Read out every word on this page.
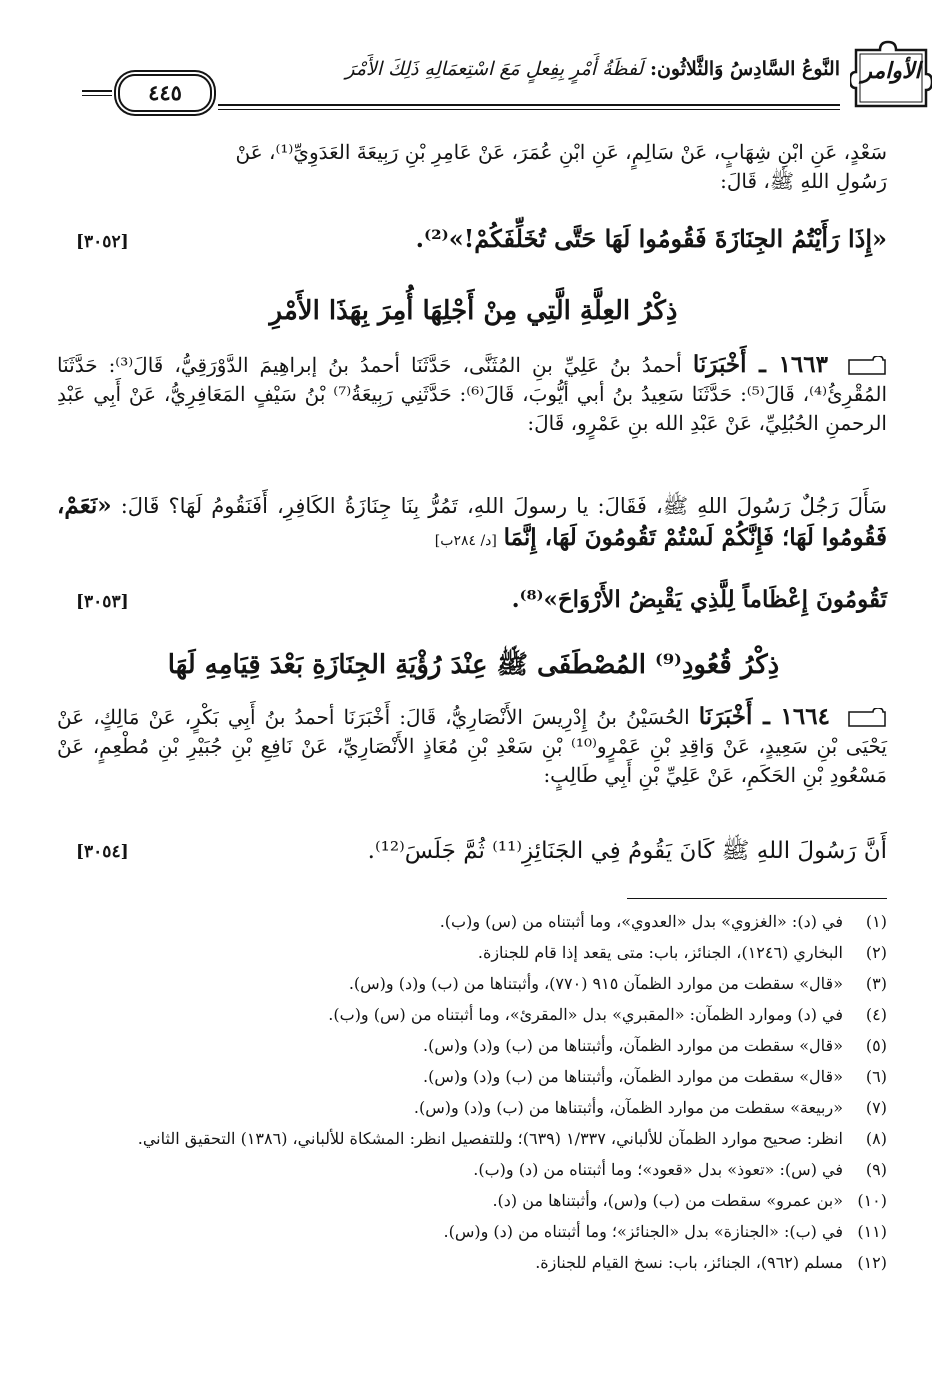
ﺍﻷﻭﺍﻣﺮ
النَّوعُ السَّادِسُ وَالثَّلاثُون: لَفظَةُ أَمْرٍ بِفِعلٍ مَعَ اسْتِعمَالِهِ ذَلِكَ الأَمْرَ
٤٤٥
سَعْدٍ، عَنِ ابْنِ شِهَابٍ، عَنْ سَالِمٍ، عَنِ ابْنِ عُمَرَ، عَنْ عَامِرِ بْنِ رَبِيعَةَ العَدَوِيِّ⁽¹⁾، عَنْ
رَسُولِ اللهِ ﷺ، قَالَ:
«إِذَا رَأَيْتُمُ الجِنَازَةَ فَقُومُوا لَهَا حَتَّى تُخَلِّفَكُمْ!»⁽²⁾.
[٣٠٥٢]
ذِكْرُ العِلَّةِ الَّتِي مِنْ أَجْلِهَا أُمِرَ بِهَذَا الأَمْرِ
١٦٦٣ ـ أَخْبَرَنَا أحمدُ بنُ عَلِيِّ بنِ المُثَنَّى، حَدَّثَنَا أحمدُ بنُ إبراهِيمَ الدَّوْرَقِيُّ، قَالَ⁽³⁾: حَدَّثَنَا المُقْرِئُ⁽⁴⁾، قَالَ⁽⁵⁾: حَدَّثَنَا سَعِيدُ بنُ أبي أيُّوبَ، قَالَ⁽⁶⁾: حَدَّثَنِي رَبِيعَةُ⁽⁷⁾ بْنُ سَيْفٍ المَعَافِرِيُّ، عَنْ أَبِي عَبْدِ الرحمنِ الحُبُلِيِّ، عَنْ عَبْدِ الله بنِ عَمْرٍو، قَالَ:
سَأَلَ رَجُلٌ رَسُولَ اللهِ ﷺ، فَقَالَ: يا رسولَ اللهِ، تَمُرُّ بِنَا جِنَازَةُ الكَافِرِ، أَفَنَقُومُ لَهَا؟ قَالَ: «نَعَمْ، فَقُومُوا لَهَا؛ فَإِنَّكُمْ لَسْتُمْ تَقُومُونَ لَهَا، إِنَّمَا [د/ ٢٨٤ب]
تَقُومُونَ إِعْظَاماً لِلَّذِي يَقْبِضُ الأَرْوَاحَ»⁽⁸⁾.
[٣٠٥٣]
ذِكْرُ قُعُودِ⁽⁹⁾ المُصْطَفَى ﷺ عِنْدَ رُؤْيَةِ الجِنَازَةِ بَعْدَ قِيَامِهِ لَهَا
١٦٦٤ ـ أَخْبَرَنَا الحُسَيْنُ بنُ إِدْرِيسَ الأَنْصَارِيُّ، قَالَ: أَخْبَرَنَا أحمدُ بنُ أَبِي بَكْرٍ، عَنْ مَالِكٍ، عَنْ يَحْيَى بْنِ سَعِيدٍ، عَنْ وَاقِدِ بْنِ عَمْرٍو⁽¹⁰⁾ بْنِ سَعْدِ بْنِ مُعَاذٍ الأَنْصَارِيِّ، عَنْ نَافِعِ بْنِ جُبَيْرِ بْنِ مُطْعِمٍ، عَنْ مَسْعُودِ بْنِ الحَكَمِ، عَنْ عَلِيِّ بْنِ أَبِي طَالِبٍ:
أَنَّ رَسُولَ اللهِ ﷺ كَانَ يَقُومُ فِي الجَنَائِزِ⁽¹¹⁾ ثُمَّ جَلَسَ⁽¹²⁾.
[٣٠٥٤]
(١)
في (د): «الغزوي» بدل «العدوي»، وما أثبتناه من (س) و(ب).
(٢)
البخاري (١٢٤٦)، الجنائز، باب: متى يقعد إذا قام للجنازة.
(٣)
«قال» سقطت من موارد الظمآن ٩١٥ (٧٧٠)، وأثبتناها من (ب) و(د) و(س).
(٤)
في (د) وموارد الظمآن: «المقبري» بدل «المقرئ»، وما أثبتناه من (س) و(ب).
(٥)
«قال» سقطت من موارد الظمآن، وأثبتناها من (ب) و(د) و(س).
(٦)
«قال» سقطت من موارد الظمآن، وأثبتناها من (ب) و(د) و(س).
(٧)
«ربيعة» سقطت من موارد الظمآن، وأثبتناها من (ب) و(د) و(س).
(٨)
انظر: صحيح موارد الظمآن للألباني، ١/٣٣٧ (٦٣٩)؛ وللتفصيل انظر: المشكاة للألباني، (١٣٨٦) التحقيق الثاني.
(٩)
في (س): «تعوذ» بدل «قعود»؛ وما أثبتناه من (د) و(ب).
(١٠)
«بن عمرو» سقطت من (ب) و(س)، وأثبتناها من (د).
(١١)
في (ب): «الجنازة» بدل «الجنائز»؛ وما أثبتناه من (د) و(س).
(١٢)
مسلم (٩٦٢)، الجنائز، باب: نسخ القيام للجنازة.
